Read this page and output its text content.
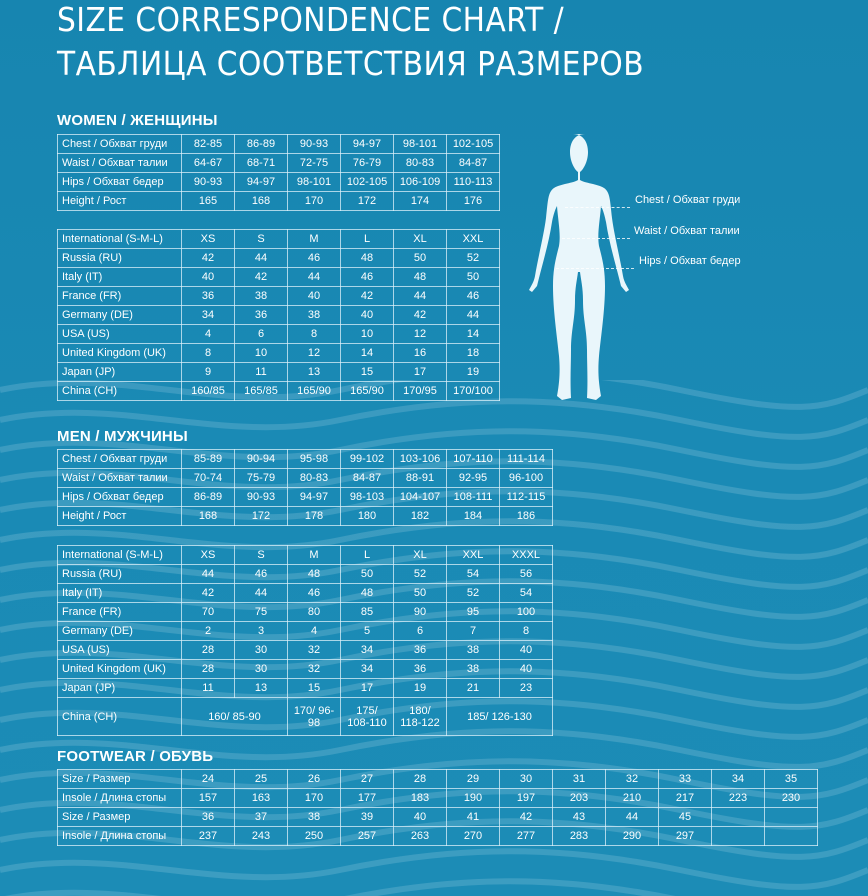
SIZE CORRESPONDENCE CHART /
ТАБЛИЦА СООТВЕТСТВИЯ РАЗМЕРОВ
WOMEN / ЖЕНЩИНЫ
Chest / Обхват груди	82-85	86-89	90-93	94-97	98-101	102-105
Waist / Обхват талии	64-67	68-71	72-75	76-79	80-83	84-87
Hips / Обхват бедер	90-93	94-97	98-101	102-105	106-109	110-113
Height / Рост	165	168	170	172	174	176
International (S-M-L)	XS	S	M	L	XL	XXL
Russia (RU)	42	44	46	48	50	52
Italy (IT)	40	42	44	46	48	50
France (FR)	36	38	40	42	44	46
Germany (DE)	34	36	38	40	42	44
USA (US)	4	6	8	10	12	14
United Kingdom (UK)	8	10	12	14	16	18
Japan (JP)	9	11	13	15	17	19
China (CH)	160/85	165/85	165/90	165/90	170/95	170/100
Chest / Обхват груди
Waist / Обхват талии
Hips / Обхват бедер
MEN / МУЖЧИНЫ
Chest / Обхват груди	85-89	90-94	95-98	99-102	103-106	107-110	111-114
Waist / Обхват талии	70-74	75-79	80-83	84-87	88-91	92-95	96-100
Hips / Обхват бедер	86-89	90-93	94-97	98-103	104-107	108-111	112-115
Height / Рост	168	172	178	180	182	184	186
International (S-M-L)	XS	S	M	L	XL	XXL	XXXL
Russia (RU)	44	46	48	50	52	54	56
Italy (IT)	42	44	46	48	50	52	54
France (FR)	70	75	80	85	90	95	100
Germany (DE)	2	3	4	5	6	7	8
USA (US)	28	30	32	34	36	38	40
United Kingdom (UK)	28	30	32	34	36	38	40
Japan (JP)	11	13	15	17	19	21	23
China (CH)	160/ 85-90		170/ 96-98	175/ 108-110	180/ 118-122	185/ 126-130	
FOOTWEAR / ОБУВЬ
Size / Размер	24	25	26	27	28	29	30	31	32	33	34	35
Insole / Длина стопы	157	163	170	177	183	190	197	203	210	217	223	230
Size / Размер	36	37	38	39	40	41	42	43	44	45		
Insole / Длина стопы	237	243	250	257	263	270	277	283	290	297		
